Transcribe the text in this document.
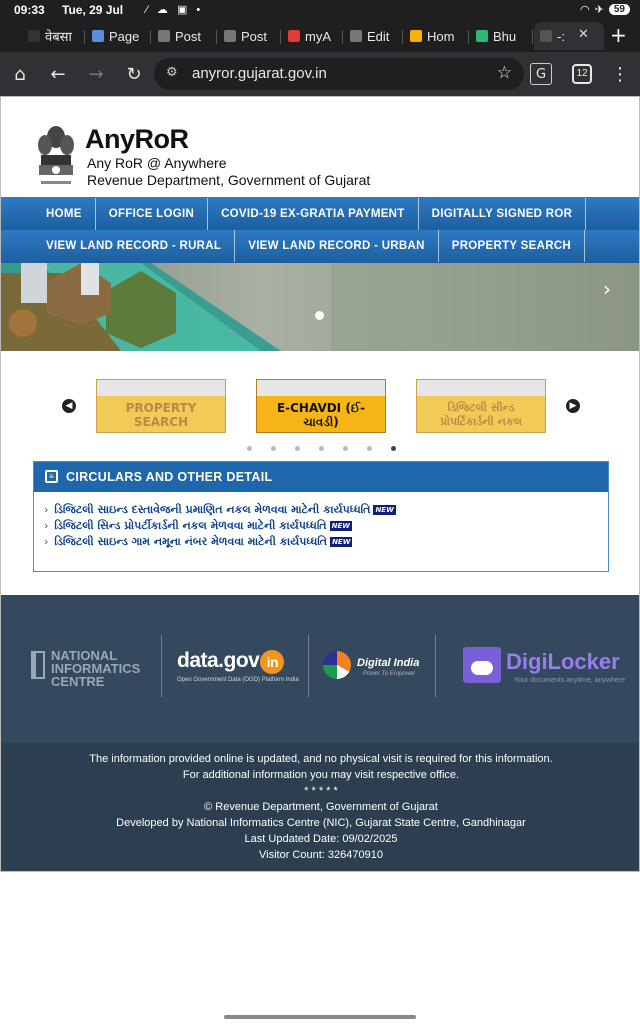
09:33 Tue, 29 Jul ⁄ ☁ ▣ •	◠ ✈	59
वेबसा	Page	Post	Post	myA	Edit	Hom	Bhu	-: ✕ +
⌂	←	→	↻	⚙ anyror.gujarat.gov.in	☆	G	12 ⋮
AnyRoR
Any RoR @ Anywhere
Revenue Department, Government of Gujarat
HOME	OFFICE LOGIN	COVID-19 EX-GRATIA PAYMENT	DIGITALLY SIGNED ROR
VIEW LAND RECORD - RURAL	VIEW LAND RECORD - URBAN	PROPERTY SEARCH
›
◀	PROPERTY SEARCH
E-CHAVDI (ઈ-ચાવડી)
ડિજિટલી સીન્ડ પ્રોપર્ટિકાર્ડની નકલ
▶
≡ CIRCULARS AND OTHER DETAIL
› ડિજિટલી સાઇન્ડ દસ્તાવેજની પ્રમાણિત નકલ મેળવવા માટેની કાર્યપધ્ધતિ NEW
› ડિજિટલી સિન્ડ પ્રોપર્ટીકાર્ડની નકલ મેળવવા માટેની કાર્યપધ્ધતિ NEW
› ડિજિટલી સાઇન્ડ ગામ નમૂના નંબર મેળવવા માટેની કાર્યપધ્ધતિ NEW
NATIONAL
INFORMATICS
CENTRE
data.gov in
Open Government Data (OGD) Platform India
Digital India
Power To Empower	DigiLocker
Your documents anytime, anywhere
The information provided online is updated, and no physical visit is required for this information.
For additional information you may visit respective office.
* * * * *
© Revenue Department, Government of Gujarat
Developed by National Informatics Centre (NIC), Gujarat State Centre, Gandhinagar
Last Updated Date: 09/02/2025
Visitor Count: 326470910
